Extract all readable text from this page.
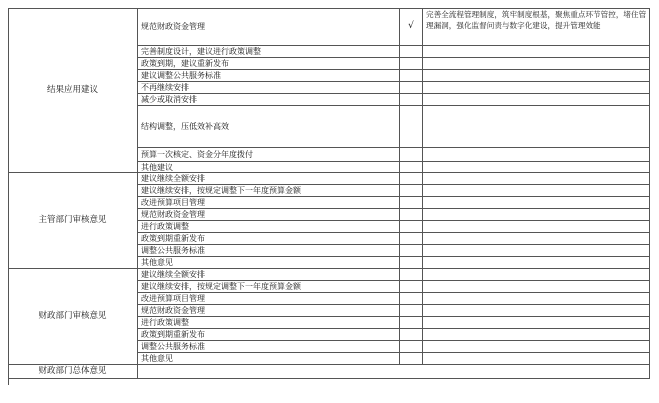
结果应用建议
规范财政资金管理	√
完善全流程管理制度，筑牢制度根基，聚焦重点环节管控，堵住管理漏洞，强化监督问责与数字化建设，提升管理效能
完善制度设计，建议进行政策调整
政策到期，建议重新发布
建议调整公共服务标准
不再继续安排
减少或取消安排
结构调整，压低效补高效
预算一次核定、资金分年度拨付
其他建议
主管部门审核意见
建议继续全额安排
建议继续安排，按规定调整下一年度预算金额
改进预算项目管理
规范财政资金管理
进行政策调整
政策到期重新发布
调整公共服务标准
其他意见
财政部门审核意见
建议继续全额安排
建议继续安排，按规定调整下一年度预算金额
改进预算项目管理
规范财政资金管理
进行政策调整
政策到期重新发布
调整公共服务标准
其他意见
财政部门总体意见
